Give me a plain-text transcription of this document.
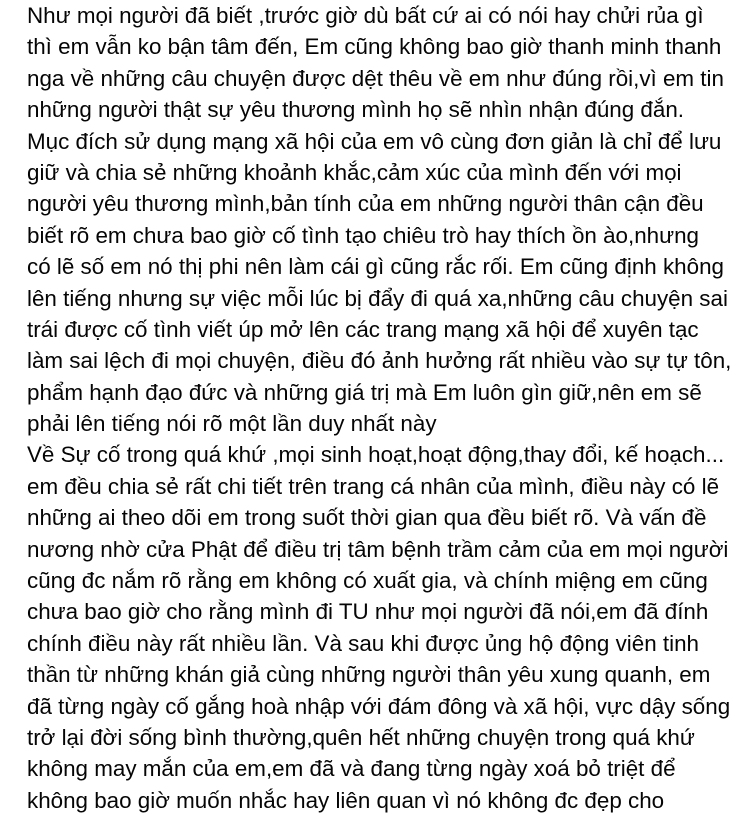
Như mọi người đã biết ,trước giờ dù bất cứ ai có nói hay chửi rủa gì
thì em vẫn ko bận tâm đến, Em cũng không bao giờ thanh minh thanh
nga về những câu chuyện được dệt thêu về em như đúng rồi,vì em tin
những người thật sự yêu thương mình họ sẽ nhìn nhận đúng đắn.
Mục đích sử dụng mạng xã hội của em vô cùng đơn giản là chỉ để lưu
giữ và chia sẻ những khoảnh khắc,cảm xúc của mình đến với mọi
người yêu thương mình,bản tính của em những người thân cận đều
biết rõ em chưa bao giờ cố tình tạo chiêu trò hay thích ồn ào,nhưng
có lẽ số em nó thị phi nên làm cái gì cũng rắc rối. Em cũng định không
lên tiếng nhưng sự việc mỗi lúc bị đẩy đi quá xa,những câu chuyện sai
trái được cố tình viết úp mở lên các trang mạng xã hội để xuyên tạc
làm sai lệch đi mọi chuyện, điều đó ảnh hưởng rất nhiều vào sự tự tôn,
phẩm hạnh đạo đức và những giá trị mà Em luôn gìn giữ,nên em sẽ
phải lên tiếng nói rõ một lần duy nhất này
Về Sự cố trong quá khứ ,mọi sinh hoạt,hoạt động,thay đổi, kế hoạch...
em đều chia sẻ rất chi tiết trên trang cá nhân của mình, điều này có lẽ
những ai theo dõi em trong suốt thời gian qua đều biết rõ. Và vấn đề
nương nhờ cửa Phật để điều trị tâm bệnh trầm cảm của em mọi người
cũng đc nắm rõ rằng em không có xuất gia, và chính miệng em cũng
chưa bao giờ cho rằng mình đi TU như mọi người đã nói,em đã đính
chính điều này rất nhiều lần. Và sau khi được ủng hộ động viên tinh
thần từ những khán giả cùng những người thân yêu xung quanh, em
đã từng ngày cố gắng hoà nhập với đám đông và xã hội, vực dậy sống
trở lại đời sống bình thường,quên hết những chuyện trong quá khứ
không may mắn của em,em đã và đang từng ngày xoá bỏ triệt để
không bao giờ muốn nhắc hay liên quan vì nó không đc đẹp cho
